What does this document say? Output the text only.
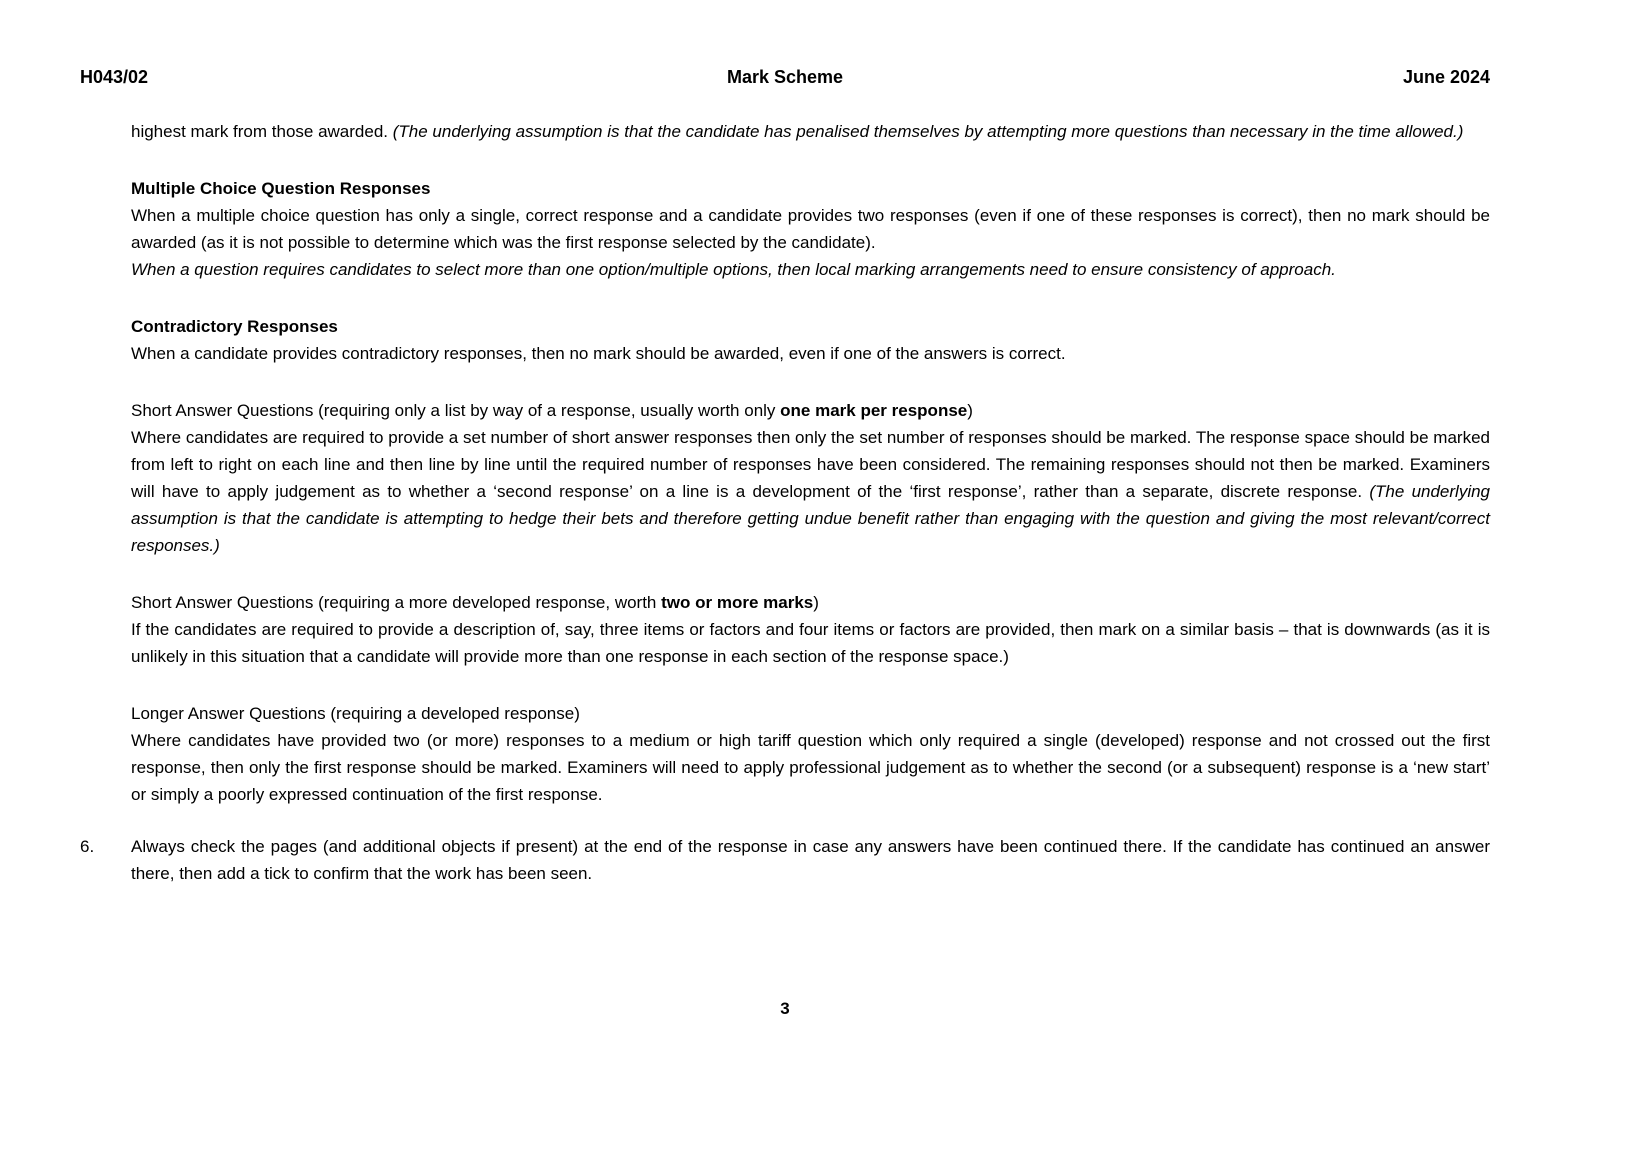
H043/02	Mark Scheme	June 2024

highest mark from those awarded. (The underlying assumption is that the candidate has penalised themselves by attempting more questions than necessary in the time allowed.)

Multiple Choice Question Responses

When a multiple choice question has only a single, correct response and a candidate provides two responses (even if one of these responses is correct), then no mark should be awarded (as it is not possible to determine which was the first response selected by the candidate).

When a question requires candidates to select more than one option/multiple options, then local marking arrangements need to ensure consistency of approach.

Contradictory Responses

When a candidate provides contradictory responses, then no mark should be awarded, even if one of the answers is correct.

Short Answer Questions (requiring only a list by way of a response, usually worth only one mark per response)

Where candidates are required to provide a set number of short answer responses then only the set number of responses should be marked. The response space should be marked from left to right on each line and then line by line until the required number of responses have been considered. The remaining responses should not then be marked. Examiners will have to apply judgement as to whether a ‘second response’ on a line is a development of the ‘first response’, rather than a separate, discrete response. (The underlying assumption is that the candidate is attempting to hedge their bets and therefore getting undue benefit rather than engaging with the question and giving the most relevant/correct responses.)

Short Answer Questions (requiring a more developed response, worth two or more marks)

If the candidates are required to provide a description of, say, three items or factors and four items or factors are provided, then mark on a similar basis – that is downwards (as it is unlikely in this situation that a candidate will provide more than one response in each section of the response space.)

Longer Answer Questions (requiring a developed response)

Where candidates have provided two (or more) responses to a medium or high tariff question which only required a single (developed) response and not crossed out the first response, then only the first response should be marked. Examiners will need to apply professional judgement as to whether the second (or a subsequent) response is a ‘new start’ or simply a poorly expressed continuation of the first response.

6.	Always check the pages (and additional objects if present) at the end of the response in case any answers have been continued there. If the candidate has continued an answer there, then add a tick to confirm that the work has been seen.
3
